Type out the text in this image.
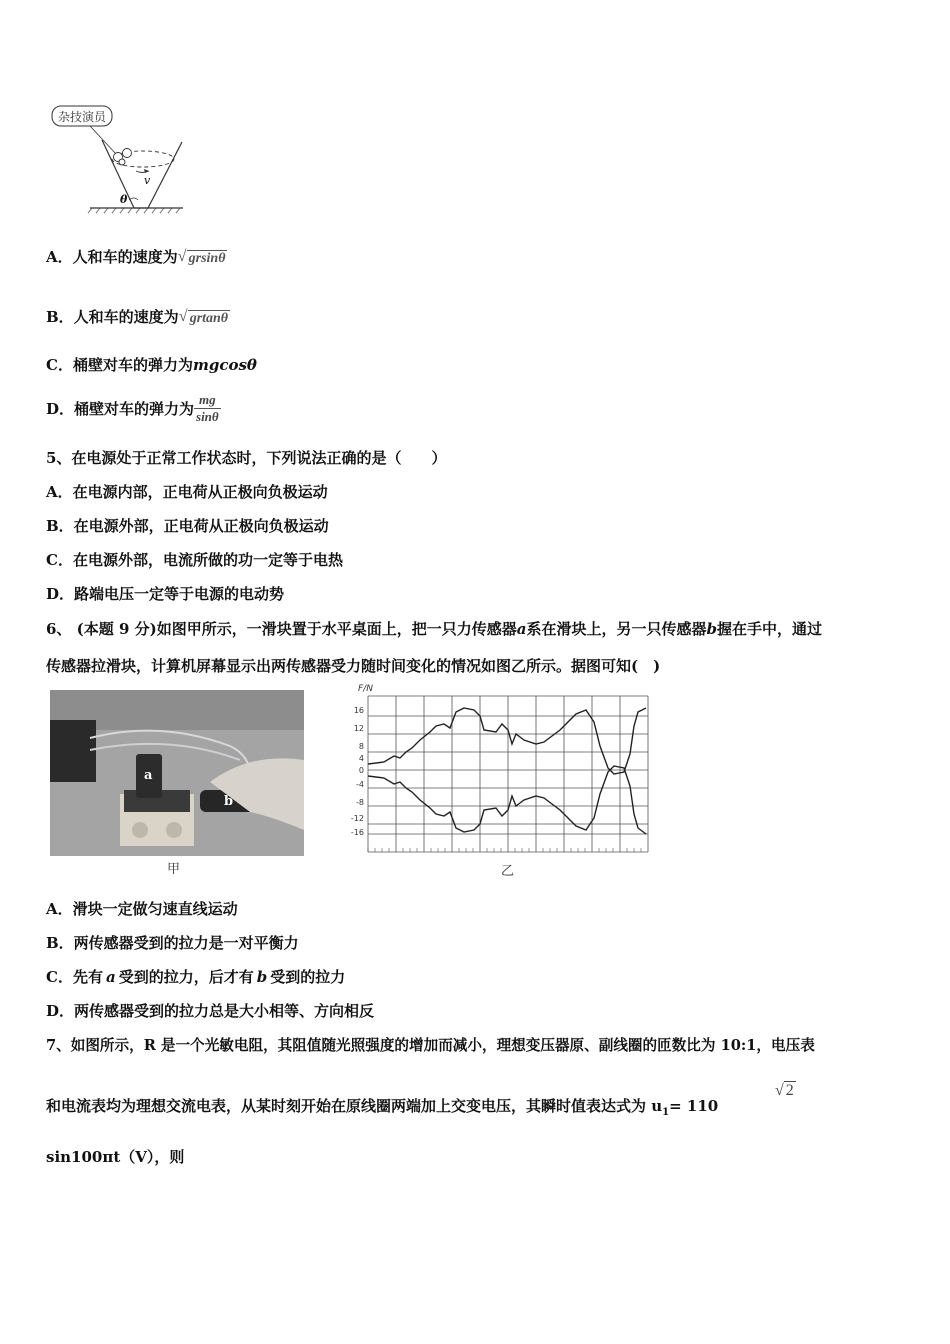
杂技演员
v
θ
A．人和车的速度为 √ grsinθ
B．人和车的速度为 √ grtanθ
C．桶壁对车的弹力为mgcosθ
D．桶壁对车的弹力为 $\frac{mg}{\sin\theta}$
5、在电源处于正常工作状态时，下列说法正确的是（　　）
A．在电源内部，正电荷从正极向负极运动
B．在电源外部，正电荷从正极向负极运动
C．在电源外部，电流所做的功一定等于电热
D．路端电压一定等于电源的电动势
6、 (本题 9 分)如图甲所示，一滑块置于水平桌面上，把一只力传感器a系在滑块上，另一只传感器b握在手中，通过
传感器拉滑块，计算机屏幕显示出两传感器受力随时间变化的情况如图乙所示。据图可知(　)
a
b
甲
F/N
16
12
8
4
0
-4
-8
-12
-16
乙
A．滑块一定做匀速直线运动
B．两传感器受到的拉力是一对平衡力
C．先有 a 受到的拉力，后才有 b 受到的拉力
D．两传感器受到的拉力总是大小相等、方向相反
7、如图所示，R 是一个光敏电阻，其阻值随光照强度的增加而减小，理想变压器原、副线圈的匝数比为 10:1，电压表
和电流表均为理想交流电表，从某时刻开始在原线圈两端加上交变电压，其瞬时值表达式为 $u_1= 110$
√ 2
sin100πt（V），则
